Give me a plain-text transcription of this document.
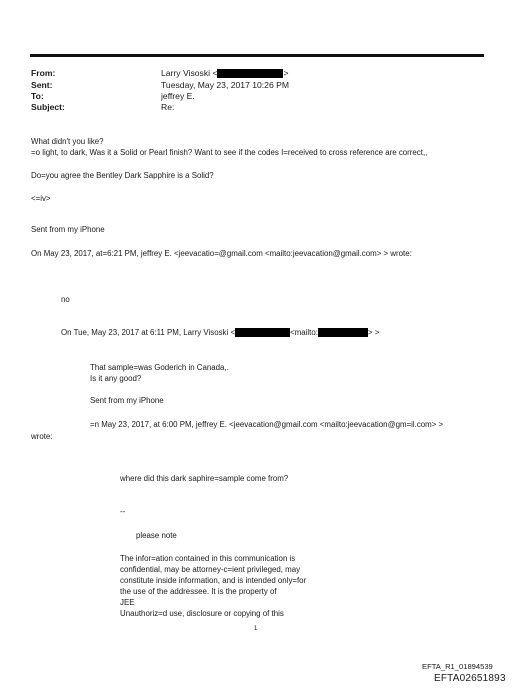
From:	Larry Visoski <	>
Sent:	Tuesday, May 23, 2017 10:26 PM
To:	jeffrey E.
Subject:	Re:
What didn't you like?
=o light, to dark, Was it a Solid or Pearl finish? Want to see if the codes I=received to cross reference are correct,,
Do=you agree the Bentley Dark Sapphire is a Solid?
<=iv>
Sent from my iPhone
On May 23, 2017, at=6:21 PM, jeffrey E. <jeevacatio=@gmail.com <mailto:jeevacation@gmail.com> > wrote:
no
On Tue, May 23, 2017 at 6:11 PM, Larry Visoski <	<mailto:	> >
That sample=was Goderich in Canada,.
Is it any good?
Sent from my iPhone
=n May 23, 2017, at 6:00 PM, jeffrey E. <jeevacation@gmail.com <mailto:jeevacation@gm=il.com> >
wrote:
where did this dark saphire=sample come from?
--
please note
The infor=ation contained in this communication is
confidential, may be attorney-c=ient privileged, may
constitute inside information, and is intended only=for
the use of the addressee. It is the property of
JEE
Unauthoriz=d use, disclosure or copying of this
1
EFTA_R1_01894539
EFTA02651893
